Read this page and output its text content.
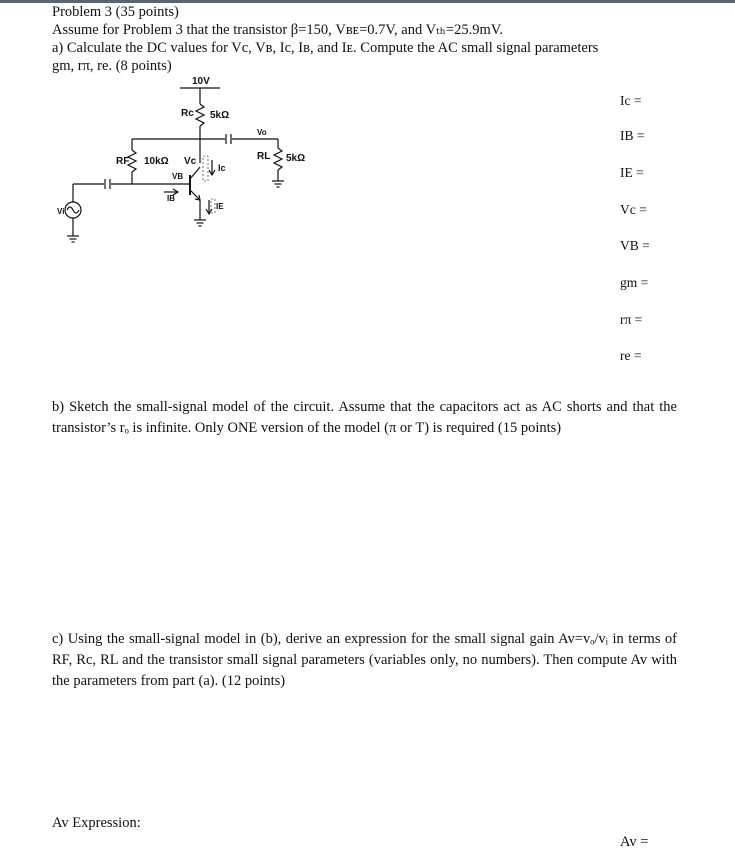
Problem 3 (35 points)
Assume for Problem 3 that the transistor β=150, Vʙᴇ=0.7V, and Vₜₕ=25.9mV.
a) Calculate the DC values for Vc, Vʙ, Ic, Iʙ, and Iᴇ. Compute the AC small signal parameters
gm, rπ, re. (8 points)
10V
Rc 5kΩ
Vo
RL 5kΩ
RF 10kΩ Vc
Ic
VB
IB
IE
Vi
Ic =
IB =
IE =
Vc =
VB =
gm =
rπ =
re =
b) Sketch the small-signal model of the circuit. Assume that the capacitors act as AC shorts and that the transistor’s rₒ is infinite. Only ONE version of the model (π or T) is required (15 points)
c) Using the small-signal model in (b), derive an expression for the small signal gain Av=vₒ/vᵢ in terms of RF, Rc, RL and the transistor small signal parameters (variables only, no numbers). Then compute Av with the parameters from part (a). (12 points)
Av Expression:
Av =
